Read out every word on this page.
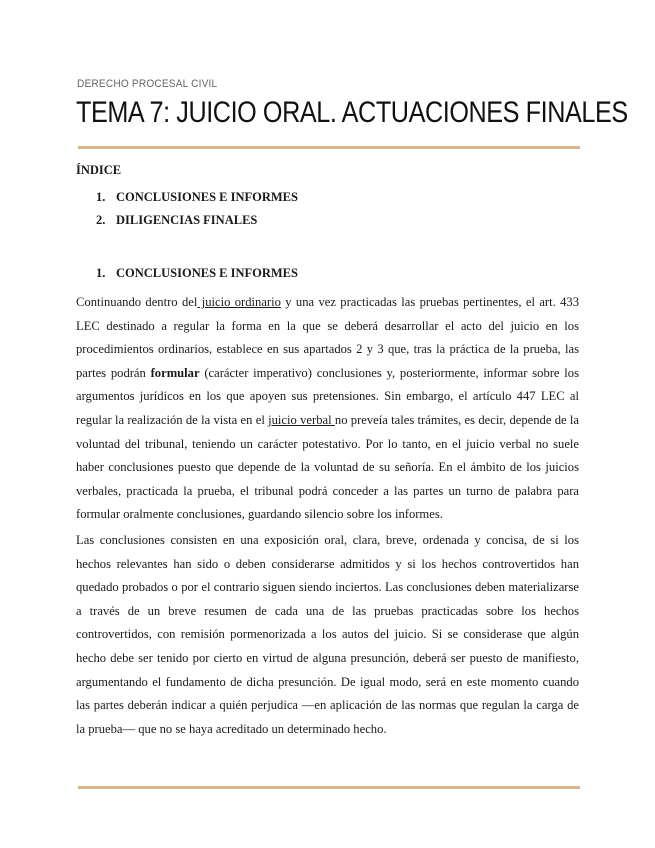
DERECHO PROCESAL CIVIL
TEMA 7: JUICIO ORAL. ACTUACIONES FINALES
ÍNDICE
1. CONCLUSIONES E INFORMES
2. DILIGENCIAS FINALES
1. CONCLUSIONES E INFORMES

Continuando dentro del juicio ordinario y una vez practicadas las pruebas pertinentes, el art. 433 LEC destinado a regular la forma en la que se deberá desarrollar el acto del juicio en los procedimientos ordinarios, establece en sus apartados 2 y 3 que, tras la práctica de la prueba, las partes podrán formular (carácter imperativo) conclusiones y, posteriormente, informar sobre los argumentos jurídicos en los que apoyen sus pretensiones. Sin embargo, el artículo 447 LEC al regular la realización de la vista en el juicio verbal no preveía tales trámites, es decir, depende de la voluntad del tribunal, teniendo un carácter potestativo. Por lo tanto, en el juicio verbal no suele haber conclusiones puesto que depende de la voluntad de su señoría. En el ámbito de los juicios verbales, practicada la prueba, el tribunal podrá conceder a las partes un turno de palabra para formular oralmente conclusiones, guardando silencio sobre los informes.

Las conclusiones consisten en una exposición oral, clara, breve, ordenada y concisa, de si los hechos relevantes han sido o deben considerarse admitidos y si los hechos controvertidos han quedado probados o por el contrario siguen siendo inciertos. Las conclusiones deben materializarse a través de un breve resumen de cada una de las pruebas practicadas sobre los hechos controvertidos, con remisión pormenorizada a los autos del juicio. Si se considerase que algún hecho debe ser tenido por cierto en virtud de alguna presunción, deberá ser puesto de manifiesto, argumentando el fundamento de dicha presunción. De igual modo, será en este momento cuando las partes deberán indicar a quién perjudica —en aplicación de las normas que regulan la carga de la prueba— que no se haya acreditado un determinado hecho.
